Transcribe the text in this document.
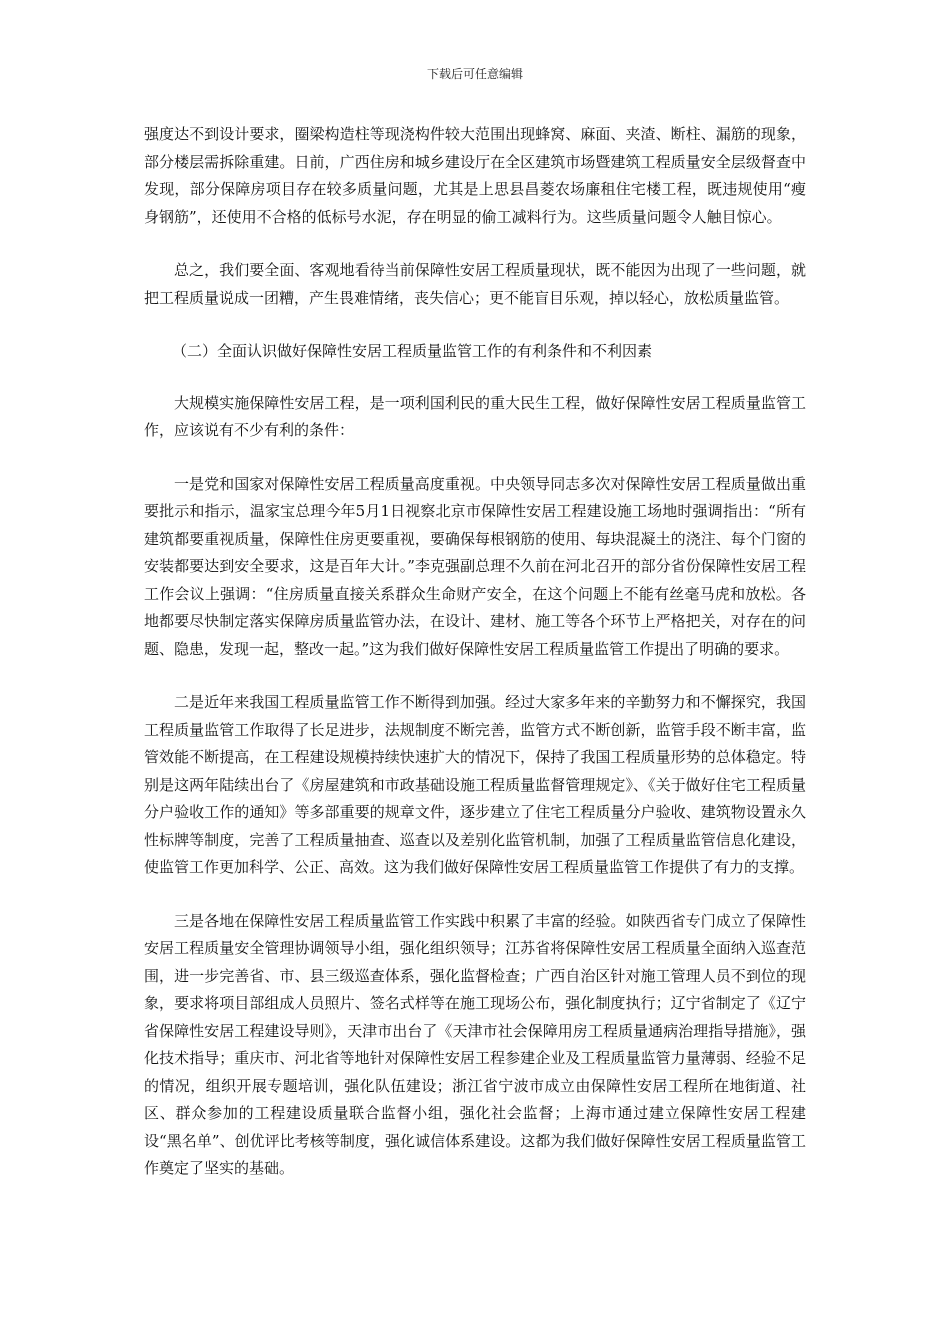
下载后可任意编辑

强度达不到设计要求，圈梁构造柱等现浇构件较大范围出现蜂窝、麻面、夹渣、断柱、漏筋的现象，部分楼层需拆除重建。日前，广西住房和城乡建设厅在全区建筑市场暨建筑工程质量安全层级督查中发现，部分保障房项目存在较多质量问题，尤其是上思县昌菱农场廉租住宅楼工程，既违规使用“瘦身钢筋”，还使用不合格的低标号水泥，存在明显的偷工减料行为。这些质量问题令人触目惊心。

总之，我们要全面、客观地看待当前保障性安居工程质量现状，既不能因为出现了一些问题，就把工程质量说成一团糟，产生畏难情绪，丧失信心；更不能盲目乐观，掉以轻心，放松质量监管。

（二）全面认识做好保障性安居工程质量监管工作的有利条件和不利因素

大规模实施保障性安居工程，是一项利国利民的重大民生工程，做好保障性安居工程质量监管工作，应该说有不少有利的条件：

一是党和国家对保障性安居工程质量高度重视。中央领导同志多次对保障性安居工程质量做出重要批示和指示，温家宝总理今年5月1日视察北京市保障性安居工程建设施工场地时强调指出：“所有建筑都要重视质量，保障性住房更要重视，要确保每根钢筋的使用、每块混凝土的浇注、每个门窗的安装都要达到安全要求，这是百年大计。”李克强副总理不久前在河北召开的部分省份保障性安居工程工作会议上强调：“住房质量直接关系群众生命财产安全，在这个问题上不能有丝毫马虎和放松。各地都要尽快制定落实保障房质量监管办法，在设计、建材、施工等各个环节上严格把关，对存在的问题、隐患，发现一起，整改一起。”这为我们做好保障性安居工程质量监管工作提出了明确的要求。

二是近年来我国工程质量监管工作不断得到加强。经过大家多年来的辛勤努力和不懈探究，我国工程质量监管工作取得了长足进步，法规制度不断完善，监管方式不断创新，监管手段不断丰富，监管效能不断提高，在工程建设规模持续快速扩大的情况下，保持了我国工程质量形势的总体稳定。特别是这两年陆续出台了《房屋建筑和市政基础设施工程质量监督管理规定》、《关于做好住宅工程质量分户验收工作的通知》等多部重要的规章文件，逐步建立了住宅工程质量分户验收、建筑物设置永久性标牌等制度，完善了工程质量抽查、巡查以及差别化监管机制，加强了工程质量监管信息化建设，使监管工作更加科学、公正、高效。这为我们做好保障性安居工程质量监管工作提供了有力的支撑。

三是各地在保障性安居工程质量监管工作实践中积累了丰富的经验。如陕西省专门成立了保障性安居工程质量安全管理协调领导小组，强化组织领导；江苏省将保障性安居工程质量全面纳入巡查范围，进一步完善省、市、县三级巡查体系，强化监督检查；广西自治区针对施工管理人员不到位的现象，要求将项目部组成人员照片、签名式样等在施工现场公布，强化制度执行；辽宁省制定了《辽宁省保障性安居工程建设导则》，天津市出台了《天津市社会保障用房工程质量通病治理指导措施》，强化技术指导；重庆市、河北省等地针对保障性安居工程参建企业及工程质量监管力量薄弱、经验不足的情况，组织开展专题培训，强化队伍建设；浙江省宁波市成立由保障性安居工程所在地街道、社区、群众参加的工程建设质量联合监督小组，强化社会监督；上海市通过建立保障性安居工程建设“黑名单”、创优评比考核等制度，强化诚信体系建设。这都为我们做好保障性安居工程质量监管工作奠定了坚实的基础。
